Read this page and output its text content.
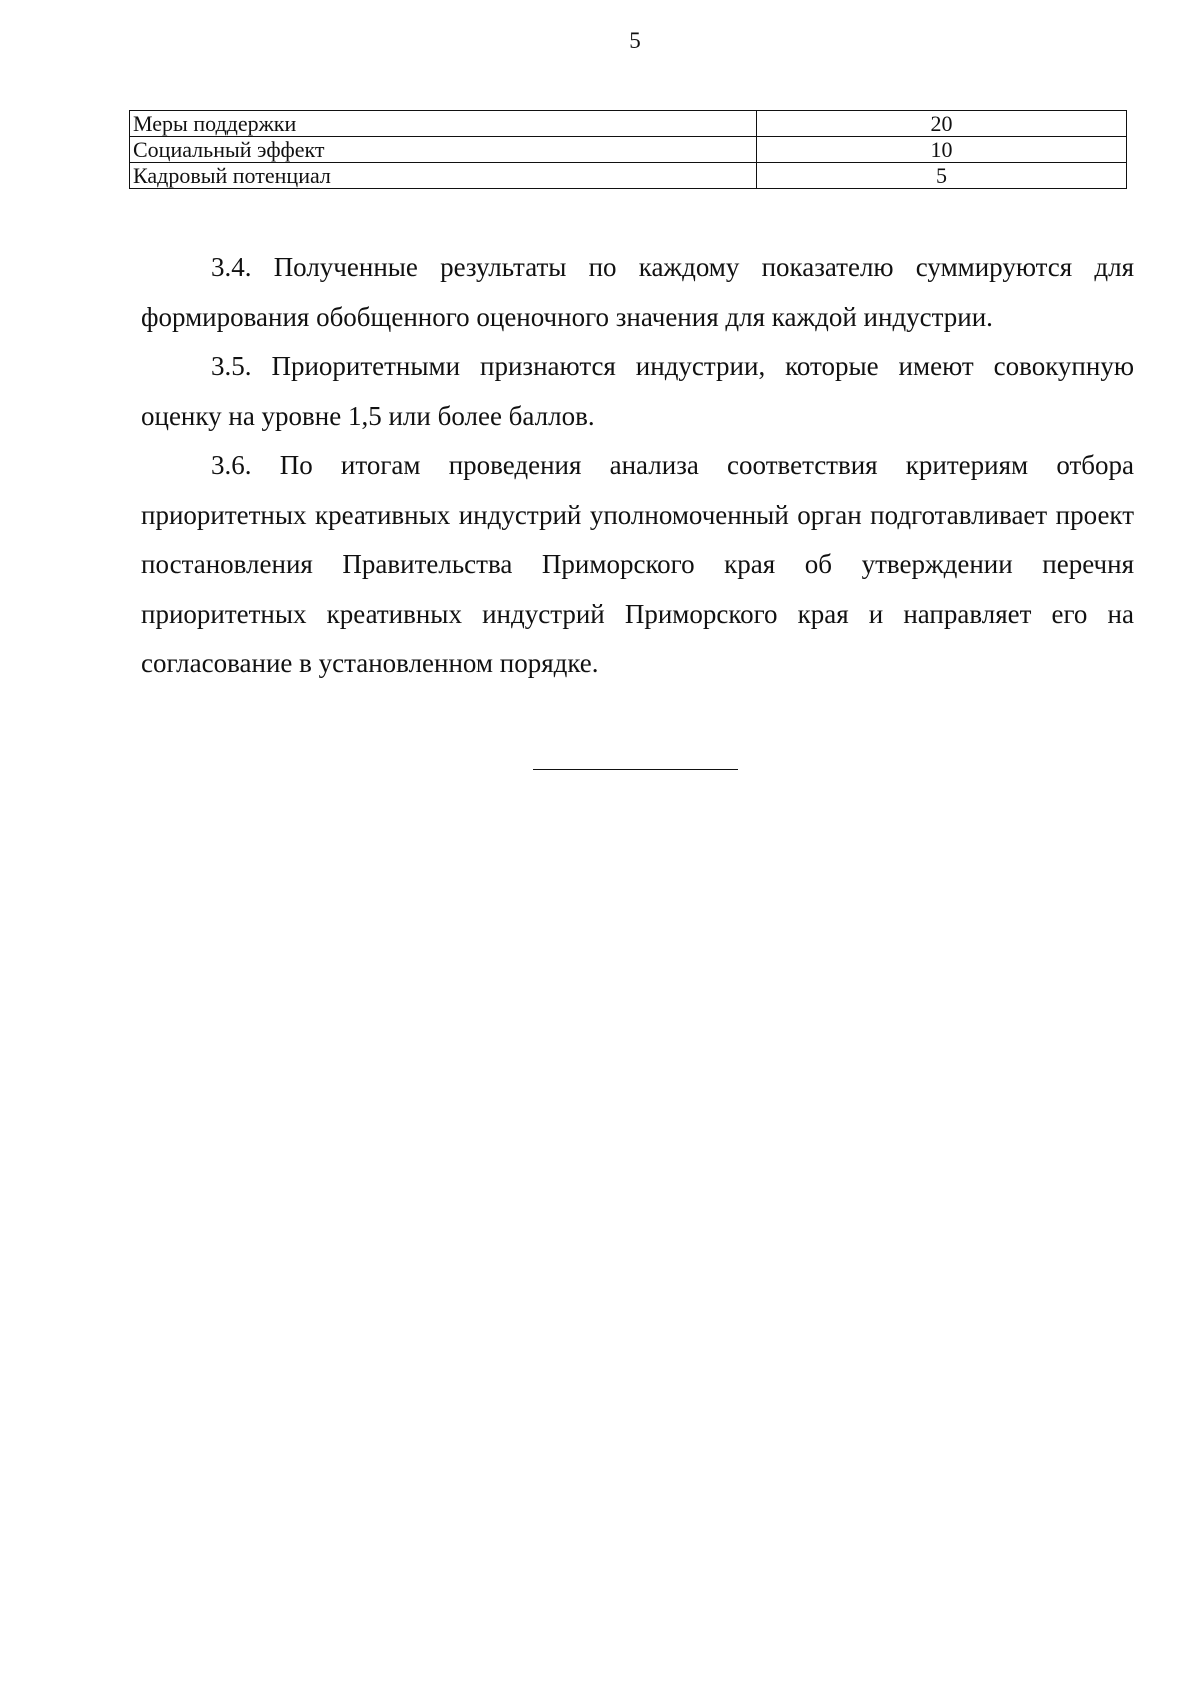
5
Меры поддержки	20
Социальный эффект	10
Кадровый потенциал	5

3.4. Полученные результаты по каждому показателю суммируются для формирования обобщенного оценочного значения для каждой индустрии.

3.5. Приоритетными признаются индустрии, которые имеют совокупную оценку на уровне 1,5 или более баллов.

3.6. По итогам проведения анализа соответствия критериям отбора приоритетных креативных индустрий уполномоченный орган подготавливает проект постановления Правительства Приморского края об утверждении перечня приоритетных креативных индустрий Приморского края и направляет его на согласование в установленном порядке.
